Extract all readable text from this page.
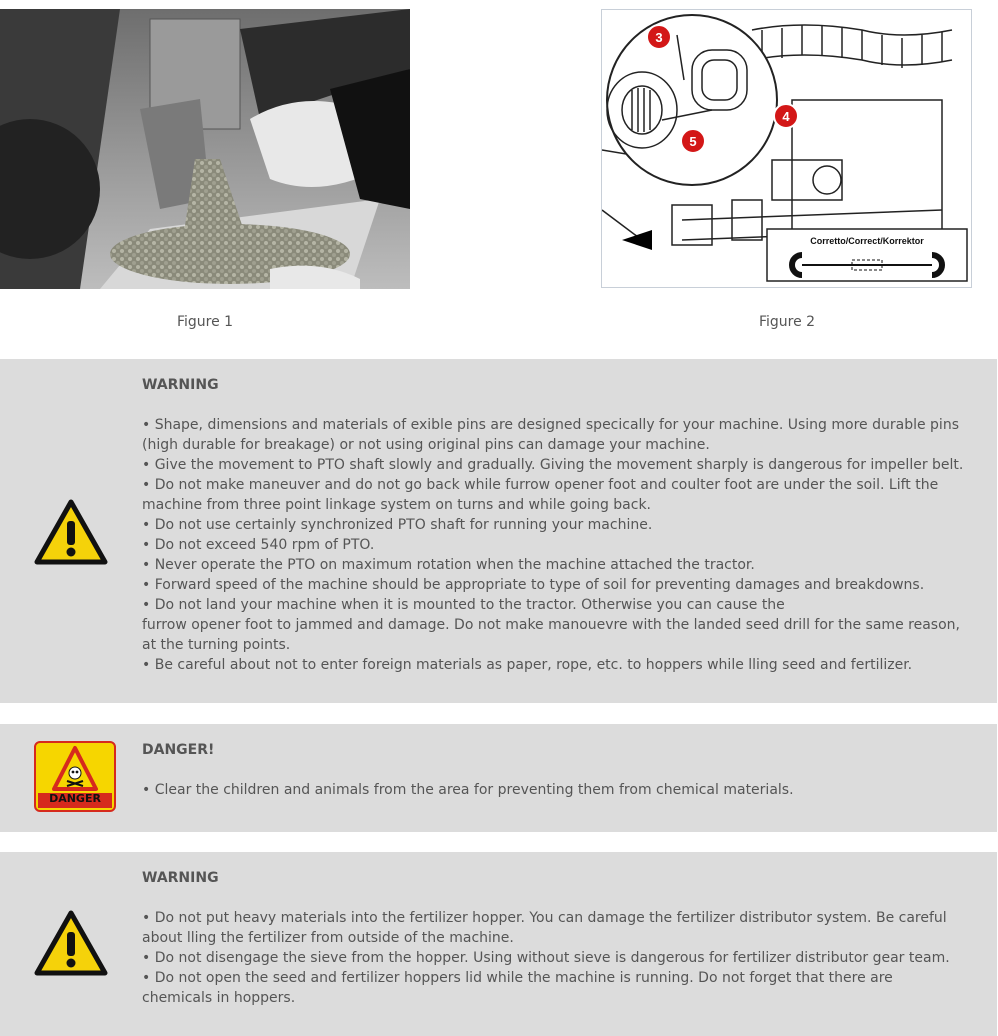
3
5
4
Corretto/Correct/Korrektor
Figure 1	Figure 2
WARNING

• Shape, dimensions and materials of exible pins are designed specically for your machine. Using more durable pins (high durable for breakage) or not using original pins can damage your machine.

• Give the movement to PTO shaft slowly and gradually. Giving the movement sharply is dangerous for impeller belt.

• Do not make maneuver and do not go back while furrow opener foot and coulter foot are under the soil. Lift the machine from three point linkage system on turns and while going back.

• Do not use certainly synchronized PTO shaft for running your machine.

• Do not exceed 540 rpm of PTO.

• Never operate the PTO on maximum rotation when the machine attached the tractor.

• Forward speed of the machine should be appropriate to type of soil for preventing damages and breakdowns.

• Do not land your machine when it is mounted to the tractor. Otherwise you can cause the

furrow opener foot to jammed and damage. Do not make manouevre with the landed seed drill for the same reason, at the turning points.

• Be careful about not to enter foreign materials as paper, rope, etc. to hoppers while lling seed and fertilizer.

DANGER
DANGER!

• Clear the children and animals from the area for preventing them from chemical materials.

WARNING

• Do not put heavy materials into the fertilizer hopper. You can damage the fertilizer distributor system. Be careful about lling the fertilizer from outside of the machine.

• Do not disengage the sieve from the hopper. Using without sieve is dangerous for fertilizer distributor gear team.

• Do not open the seed and fertilizer hoppers lid while the machine is running. Do not forget that there are chemicals in hoppers.
